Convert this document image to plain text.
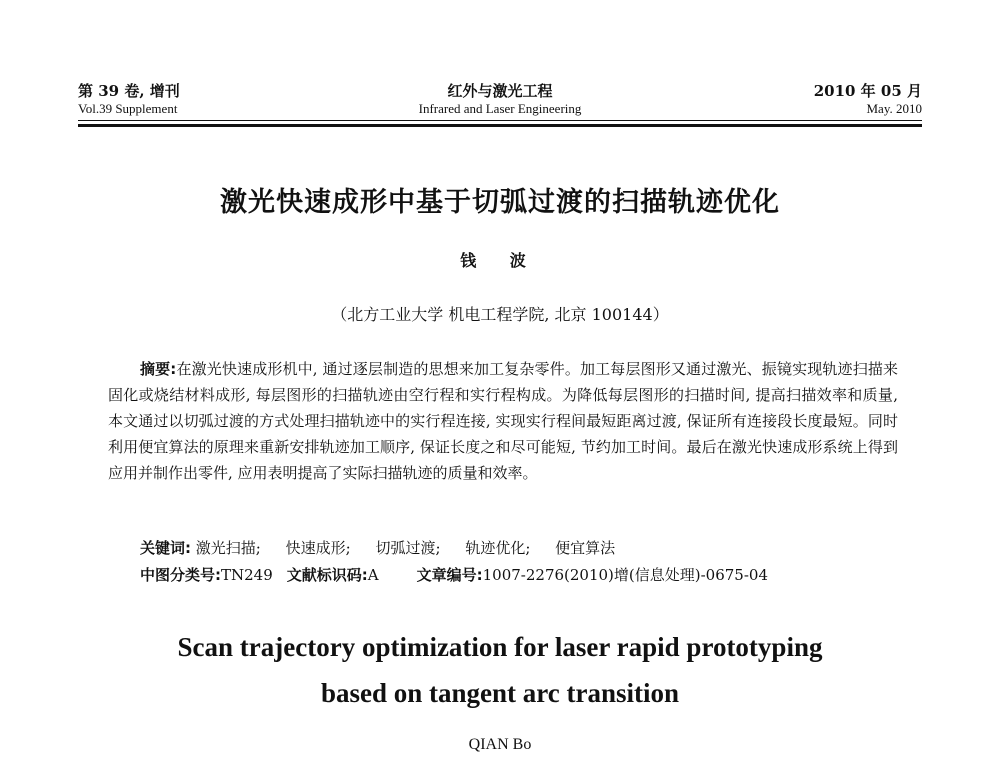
第 39 卷, 增刊	红外与激光工程	2010 年 05 月
Vol.39 Supplement	Infrared and Laser Engineering	May. 2010
激光快速成形中基于切弧过渡的扫描轨迹优化
钱 波
（北方工业大学 机电工程学院, 北京 100144）
摘要:在激光快速成形机中, 通过逐层制造的思想来加工复杂零件。加工每层图形又通过激光、振镜实现轨迹扫描来固化或烧结材料成形, 每层图形的扫描轨迹由空行程和实行程构成。为降低每层图形的扫描时间, 提高扫描效率和质量, 本文通过以切弧过渡的方式处理扫描轨迹中的实行程连接, 实现实行程间最短距离过渡, 保证所有连接段长度最短。同时利用便宜算法的原理来重新安排轨迹加工顺序, 保证长度之和尽可能短, 节约加工时间。最后在激光快速成形系统上得到应用并制作出零件, 应用表明提高了实际扫描轨迹的质量和效率。
关键词: 激光扫描; 快速成形; 切弧过渡; 轨迹优化; 便宜算法
中图分类号:TN249 文献标识码:A	文章编号:1007-2276(2010)增(信息处理)-0675-04
Scan trajectory optimization for laser rapid prototyping
based on tangent arc transition
QIAN Bo
